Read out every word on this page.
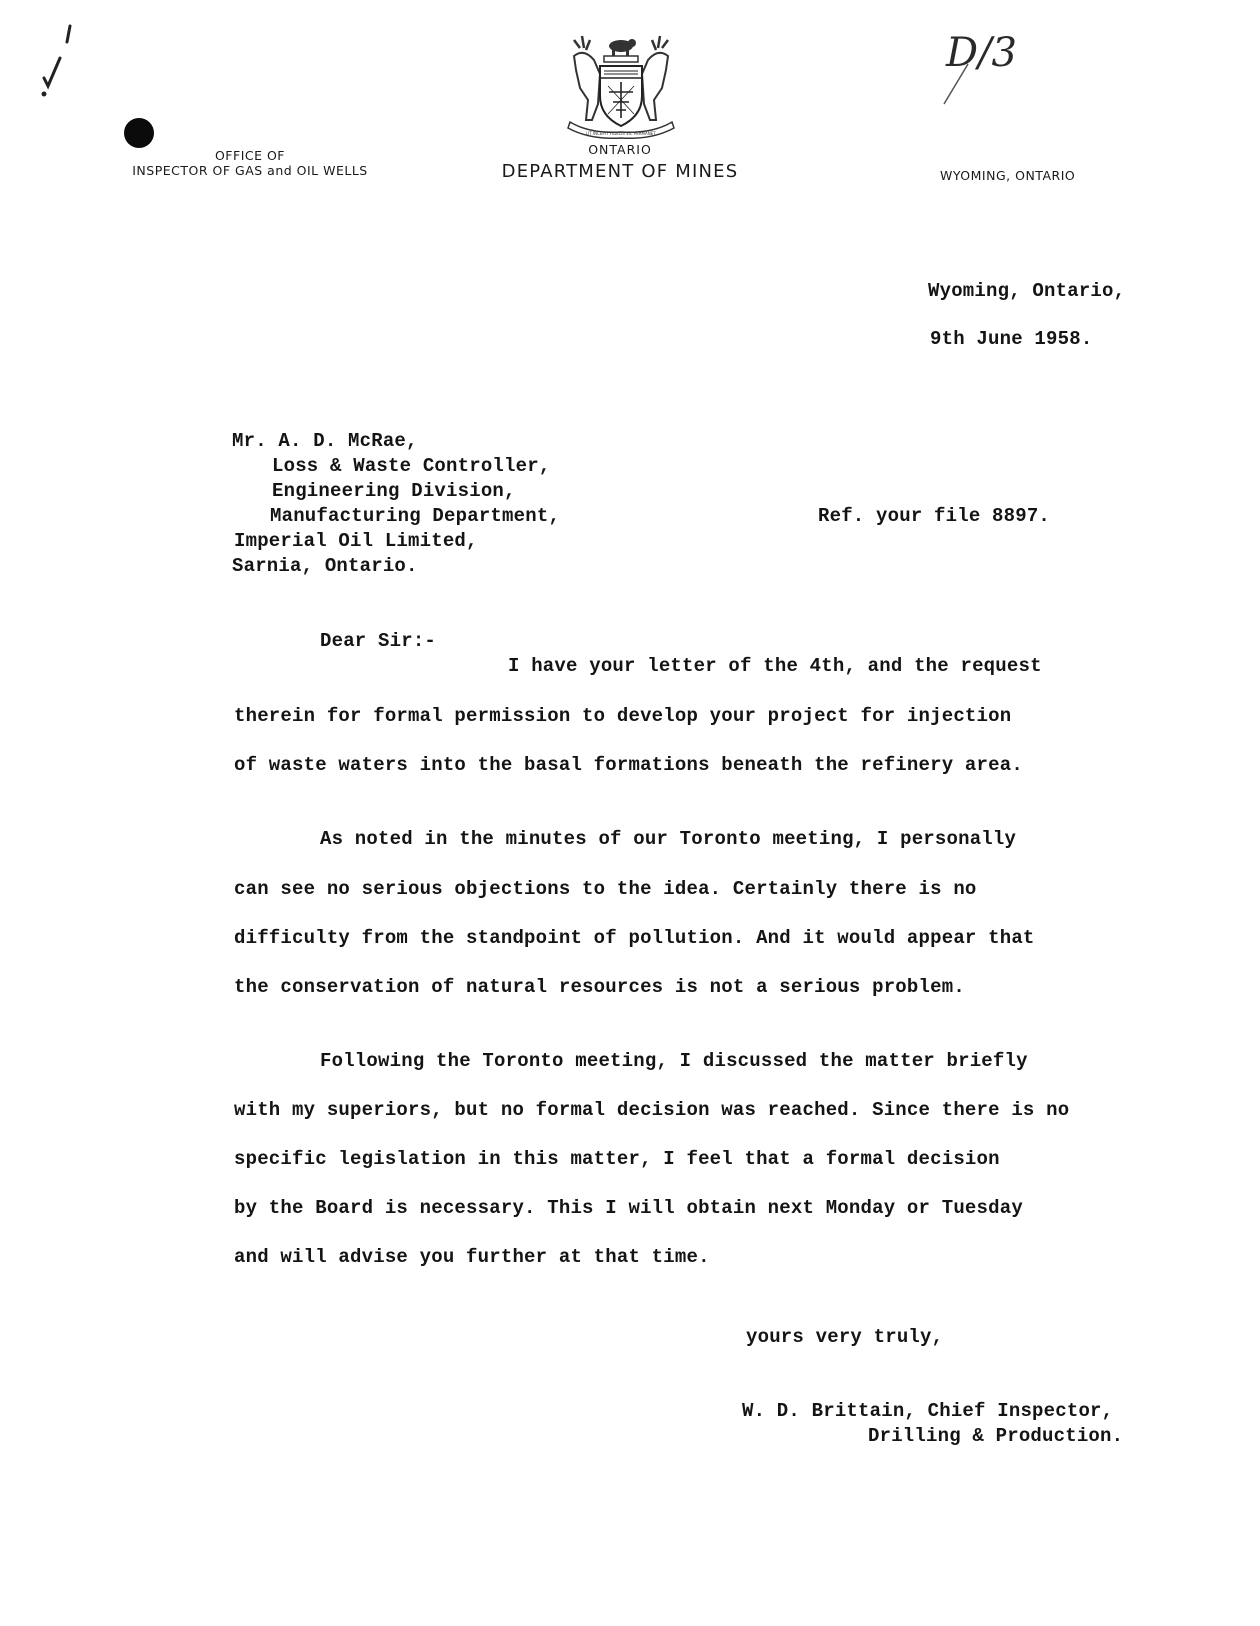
OFFICE OF
INSPECTOR OF GAS and OIL WELLS
UT INCEPIT FIDELIS SIC PERMANET
ONTARIO
DEPARTMENT OF MINES	WYOMING, ONTARIO
D/3
Wyoming, Ontario,
9th June 1958.
Mr. A. D. McRae,
Loss & Waste Controller,
Engineering Division,
Manufacturing Department,
Imperial Oil Limited,
Sarnia, Ontario.
Ref. your file 8897.
Dear Sir:-
I have your letter of the 4th, and the request
therein for formal permission to develop your project for injection
of waste waters into the basal formations beneath the refinery area.
As noted in the minutes of our Toronto meeting, I personally
can see no serious objections to the idea. Certainly there is no
difficulty from the standpoint of pollution. And it would appear that
the conservation of natural resources is not a serious problem.
Following the Toronto meeting, I discussed the matter briefly
with my superiors, but no formal decision was reached. Since there is no
specific legislation in this matter, I feel that a formal decision
by the Board is necessary. This I will obtain next Monday or Tuesday
and will advise you further at that time.
yours very truly,
W. D. Brittain, Chief Inspector,
Drilling & Production.
